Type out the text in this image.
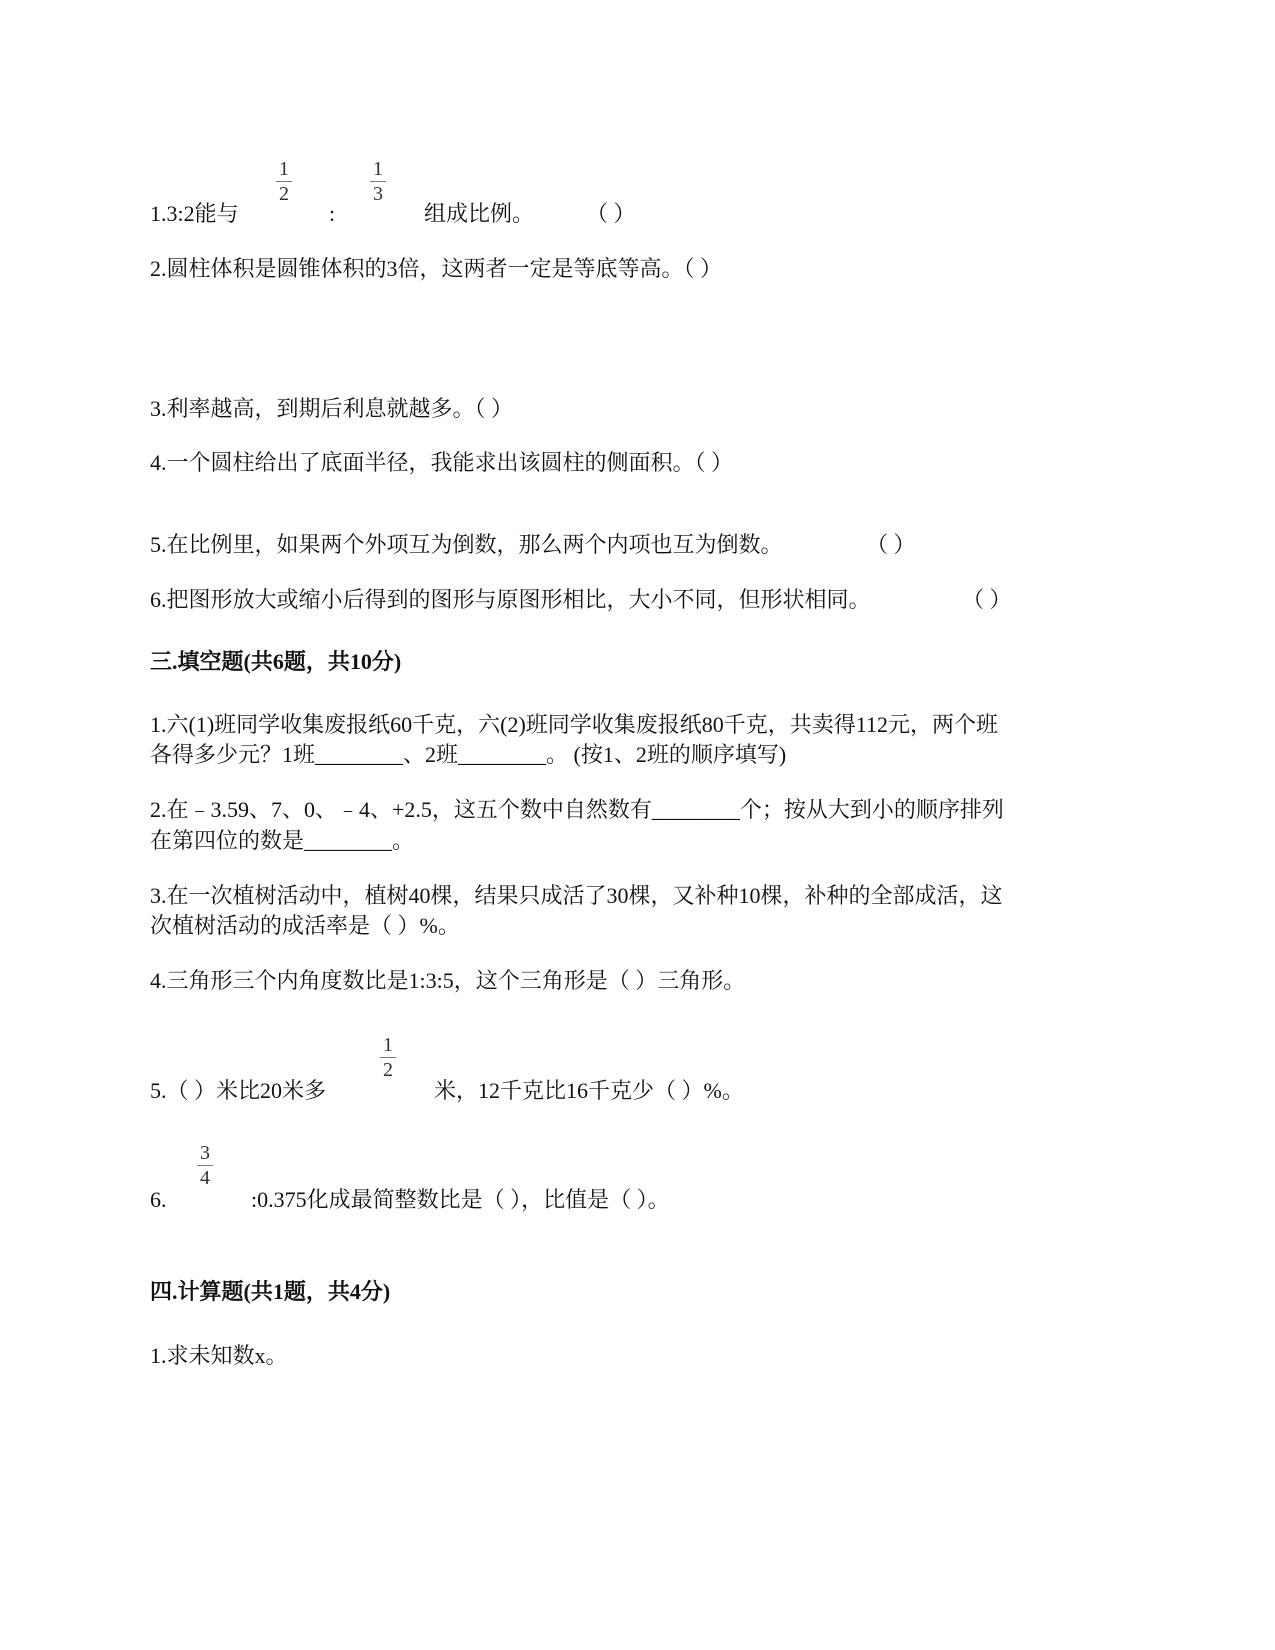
1.3:2能与
1
2
:
1
3
组成比例。 （ ）
2.圆柱体积是圆锥体积的3倍，这两者一定是等底等高。（ ）
3.利率越高，到期后利息就越多。（ ）
4.一个圆柱给出了底面半径，我能求出该圆柱的侧面积。（ ）
5.在比例里，如果两个外项互为倒数，那么两个内项也互为倒数。	（ ）
6.把图形放大或缩小后得到的图形与原图形相比，大小不同，但形状相同。	（ ）
三.填空题(共6题，共10分)
1.六(1)班同学收集废报纸60千克，六(2)班同学收集废报纸80千克，共卖得112元，两个班
各得多少元？1班________、2班________。 (按1、2班的顺序填写)
2.在﹣3.59、7、0、﹣4、+2.5，这五个数中自然数有________个；按从大到小的顺序排列
在第四位的数是________。
3.在一次植树活动中，植树40棵，结果只成活了30棵，又补种10棵，补种的全部成活，这
次植树活动的成活率是（ ）%。
4.三角形三个内角度数比是1:3:5，这个三角形是（ ）三角形。
5.（ ）米比20米多
1
2
米，12千克比16千克少（ ）%。
6.
3
4
:0.375化成最简整数比是（ ），比值是（ ）。
四.计算题(共1题，共4分)
1.求未知数x。
